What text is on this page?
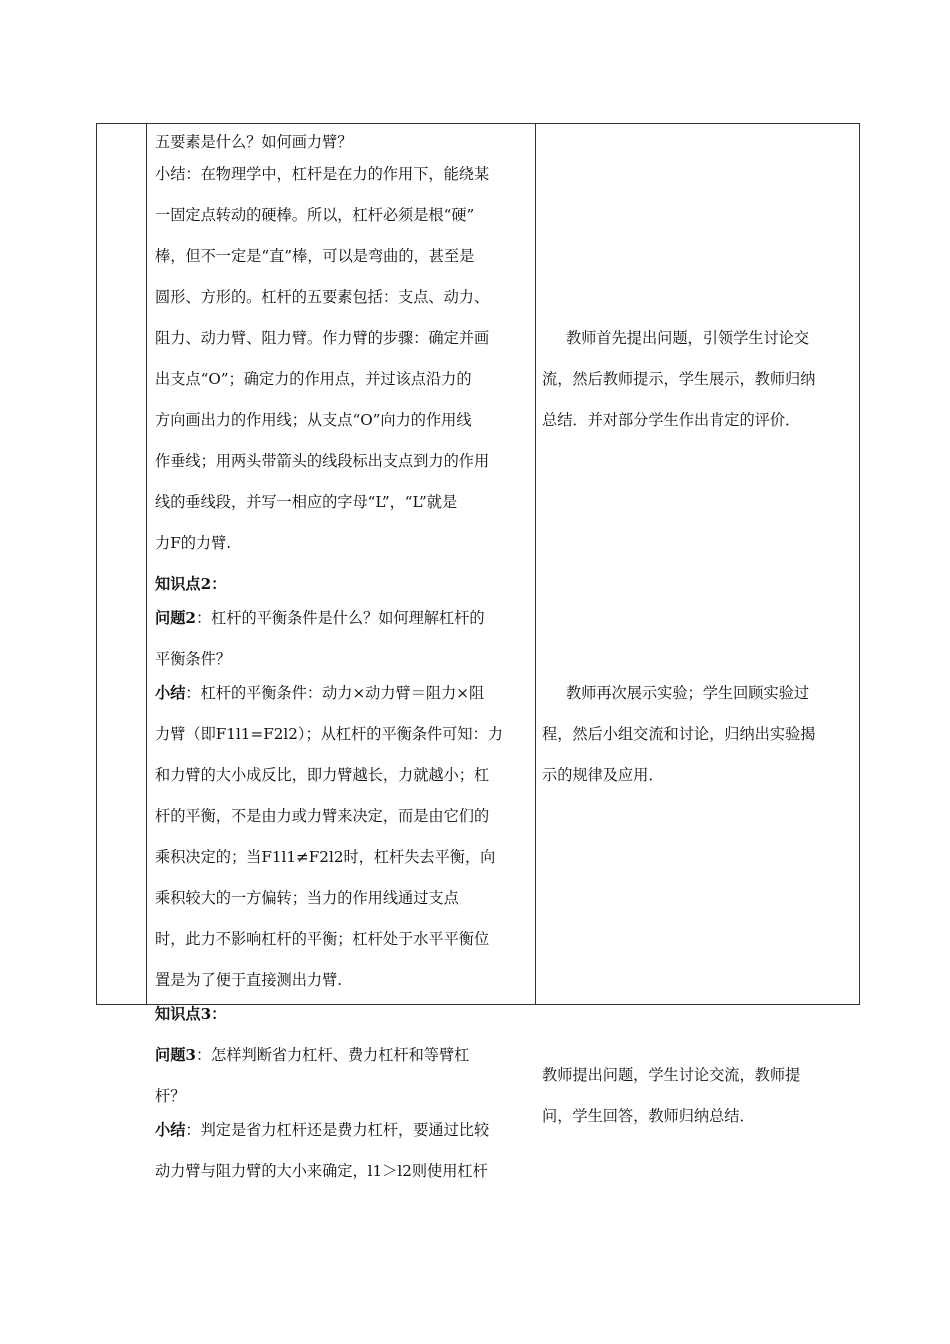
五要素是什么？如何画力臂？
小结：在物理学中，杠杆是在力的作用下，能绕某
一固定点转动的硬棒。所以，杠杆必须是根“硬”
棒，但不一定是“直”棒，可以是弯曲的，甚至是
圆形、方形的。杠杆的五要素包括：支点、动力、
阻力、动力臂、阻力臂。作力臂的步骤：确定并画
出支点“O”；确定力的作用点，并过该点沿力的
方向画出力的作用线；从支点“O”向力的作用线
作垂线；用两头带箭头的线段标出支点到力的作用
线的垂线段，并写一相应的字母“L”，“L”就是
力F的力臂.
知识点2：
问题2：杠杆的平衡条件是什么？如何理解杠杆的
平衡条件？
小结：杠杆的平衡条件：动力×动力臂＝阻力×阻
力臂（即F1l1=F2l2）；从杠杆的平衡条件可知：力
和力臂的大小成反比，即力臂越长，力就越小；杠
杆的平衡，不是由力或力臂来决定，而是由它们的
乘积决定的；当F1l1≠F2l2时，杠杆失去平衡，向
乘积较大的一方偏转；当力的作用线通过支点
时，此力不影响杠杆的平衡；杠杆处于水平平衡位
置是为了便于直接测出力臂.
知识点3：
问题3：怎样判断省力杠杆、费力杠杆和等臂杠
杆？
小结：判定是省力杠杆还是费力杠杆，要通过比较
动力臂与阻力臂的大小来确定，l1＞l2则使用杠杆
教师首先提出问题，引领学生讨论交
流，然后教师提示，学生展示，教师归纳
总结．并对部分学生作出肯定的评价．
教师再次展示实验；学生回顾实验过
程，然后小组交流和讨论，归纳出实验揭
示的规律及应用．
教师提出问题，学生讨论交流，教师提
问，学生回答，教师归纳总结．
